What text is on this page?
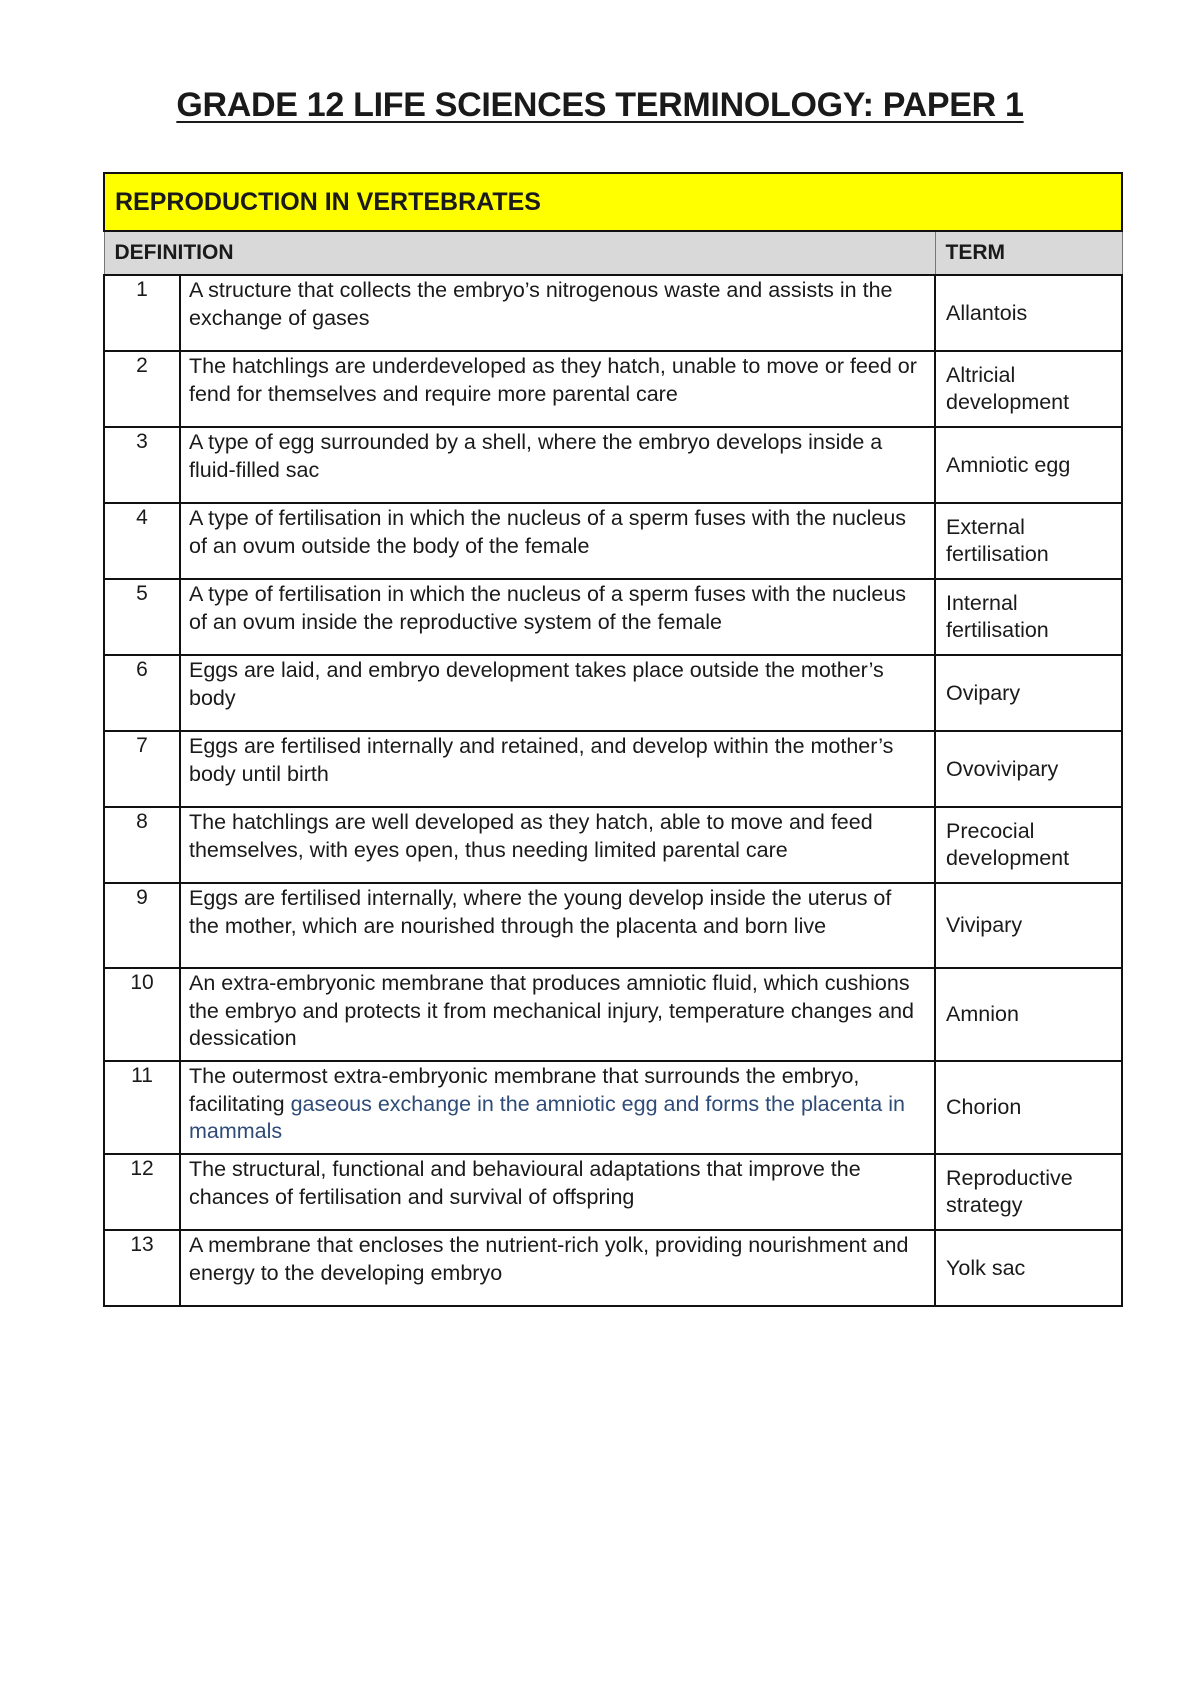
GRADE 12 LIFE SCIENCES TERMINOLOGY: PAPER 1
REPRODUCTION IN VERTEBRATES		
DEFINITION		TERM
1	A structure that collects the embryo’s nitrogenous waste and assists in the exchange of gases	Allantois
2	The hatchlings are underdeveloped as they hatch, unable to move or feed or fend for themselves and require more parental care	Altricial development
3	A type of egg surrounded by a shell, where the embryo develops inside a fluid-filled sac	Amniotic egg
4	A type of fertilisation in which the nucleus of a sperm fuses with the nucleus of an ovum outside the body of the female	External fertilisation
5	A type of fertilisation in which the nucleus of a sperm fuses with the nucleus of an ovum inside the reproductive system of the female	Internal fertilisation
6	Eggs are laid, and embryo development takes place outside the mother’s body	Ovipary
7	Eggs are fertilised internally and retained, and develop within the mother’s body until birth	Ovovivipary
8	The hatchlings are well developed as they hatch, able to move and feed themselves, with eyes open, thus needing limited parental care	Precocial development
9	Eggs are fertilised internally, where the young develop inside the uterus of the mother, which are nourished through the placenta and born live	Vivipary
10	An extra-embryonic membrane that produces amniotic fluid, which cushions the embryo and protects it from mechanical injury, temperature changes and dessication	Amnion
11	The outermost extra-embryonic membrane that surrounds the embryo, facilitating gaseous exchange in the amniotic egg and forms the placenta in mammals	Chorion
12	The structural, functional and behavioural adaptations that improve the chances of fertilisation and survival of offspring	Reproductive strategy
13	A membrane that encloses the nutrient-rich yolk, providing nourishment and energy to the developing embryo	Yolk sac
